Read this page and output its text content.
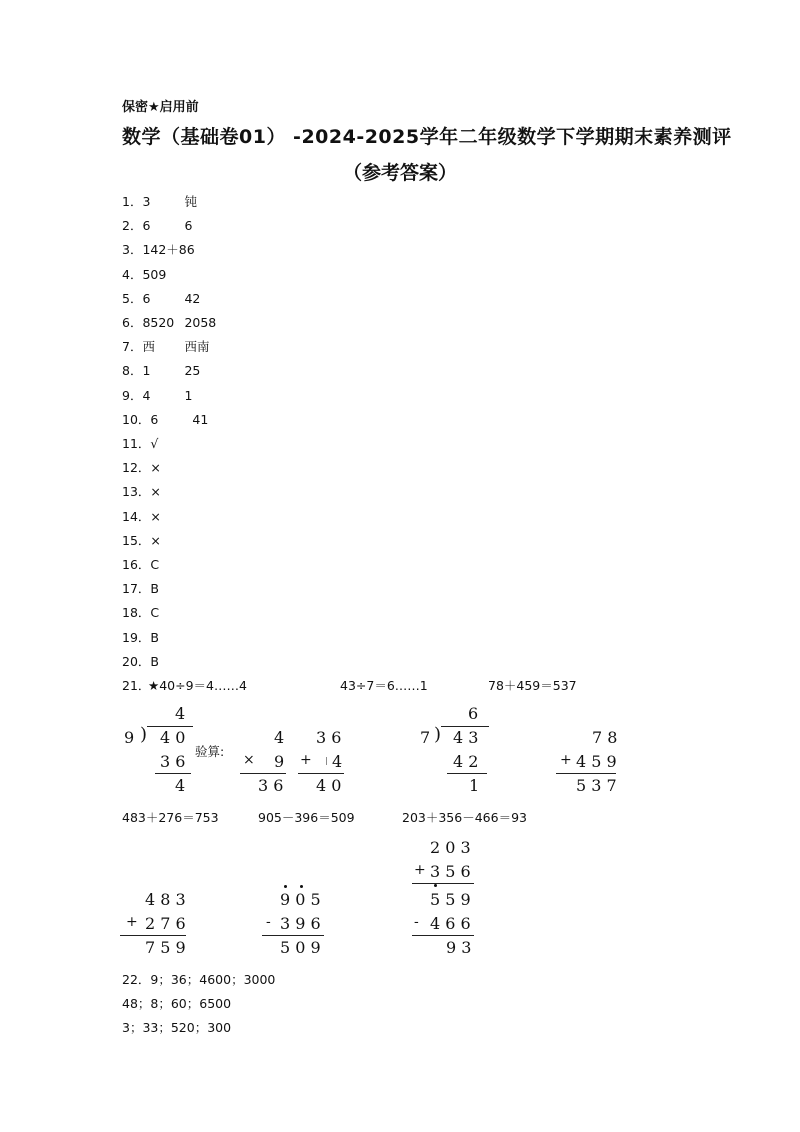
保密★启用前
数学（基础卷01） -2024-2025学年二年级数学下学期期末素养测评
（参考答案）
1．3	钝
2．6	6
3．142＋86
4．509
5．6	42
6．8520 2058
7．西 西南
8．1	25
9．4	1
10．6	41
11．√
12．×
13．×
14．×
15．×
16．C
17．B
18．C
19．B
20．B
21．
★40÷9＝4……4	43÷7＝6……1	78＋459＝537
4
9 ) 4 0
3 6
4
验算:
4
× 9
3 6
3 6
+ | 4
4 0
6
7 ) 4 3
4 2
1
7 8
+ 4 5 9
5 3 7
483＋276＝753	905－396＝509	203＋356－466＝93
4 8 3
+ 2 7 6
7 5 9
9 0 5
- 3 9 6
5 0 9
2 0 3
+ 3 5 6
5 5 9
- 4 6 6
9 3
22．9；36；4600；3000
48；8；60；6500
3；33；520；300
